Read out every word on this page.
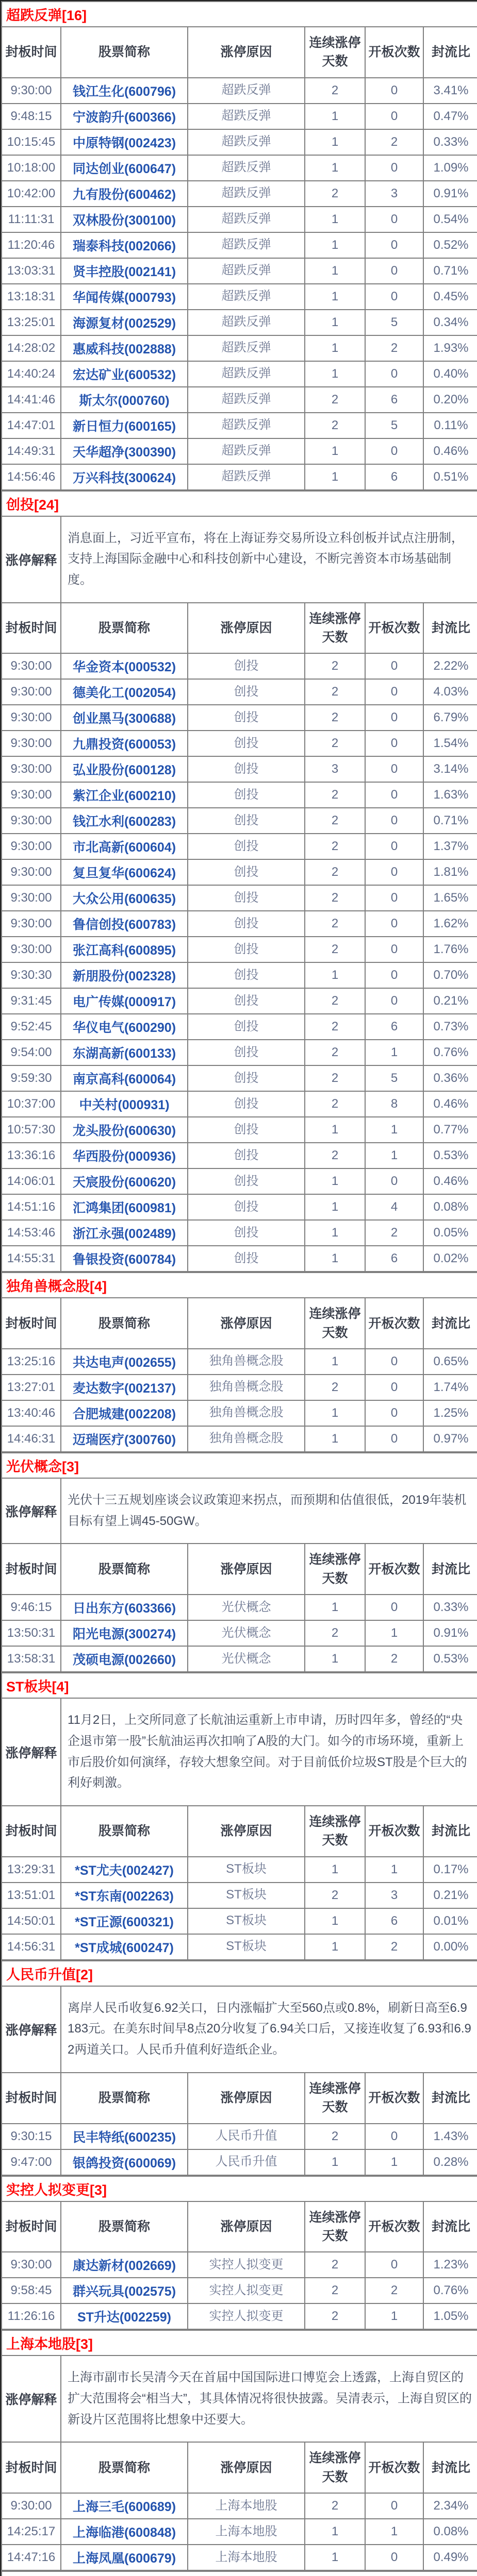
超跌反弹[16]					
封板时间	股票简称	涨停原因	连续涨停天数	开板次数	封流比
9:30:00	钱江生化(600796)	超跌反弹	2	0	3.41%
9:48:15	宁波韵升(600366)	超跌反弹	1	0	0.47%
10:15:45	中原特钢(002423)	超跌反弹	1	2	0.33%
10:18:00	同达创业(600647)	超跌反弹	1	0	1.09%
10:42:00	九有股份(600462)	超跌反弹	2	3	0.91%
11:11:31	双林股份(300100)	超跌反弹	1	0	0.54%
11:20:46	瑞泰科技(002066)	超跌反弹	1	0	0.52%
13:03:31	贤丰控股(002141)	超跌反弹	1	0	0.71%
13:18:31	华闻传媒(000793)	超跌反弹	1	0	0.45%
13:25:01	海源复材(002529)	超跌反弹	1	5	0.34%
14:28:02	惠威科技(002888)	超跌反弹	1	2	1.93%
14:40:24	宏达矿业(600532)	超跌反弹	1	0	0.40%
14:41:46	斯太尔(000760)	超跌反弹	2	6	0.20%
14:47:01	新日恒力(600165)	超跌反弹	2	5	0.11%
14:49:31	天华超净(300390)	超跌反弹	1	0	0.46%
14:56:46	万兴科技(300624)	超跌反弹	1	6	0.51%
创投[24]					
涨停解释	消息面上，习近平宣布，将在上海证券交易所设立科创板并试点注册制，支持上海国际金融中心和科技创新中心建设，不断完善资本市场基础制度。				
封板时间	股票简称	涨停原因	连续涨停天数	开板次数	封流比
9:30:00	华金资本(000532)	创投	2	0	2.22%
9:30:00	德美化工(002054)	创投	2	0	4.03%
9:30:00	创业黑马(300688)	创投	2	0	6.79%
9:30:00	九鼎投资(600053)	创投	2	0	1.54%
9:30:00	弘业股份(600128)	创投	3	0	3.14%
9:30:00	紫江企业(600210)	创投	2	0	1.63%
9:30:00	钱江水利(600283)	创投	2	0	0.71%
9:30:00	市北高新(600604)	创投	2	0	1.37%
9:30:00	复旦复华(600624)	创投	2	0	1.81%
9:30:00	大众公用(600635)	创投	2	0	1.65%
9:30:00	鲁信创投(600783)	创投	2	0	1.62%
9:30:00	张江高科(600895)	创投	2	0	1.76%
9:30:30	新朋股份(002328)	创投	1	0	0.70%
9:31:45	电广传媒(000917)	创投	2	0	0.21%
9:52:45	华仪电气(600290)	创投	2	6	0.73%
9:54:00	东湖高新(600133)	创投	2	1	0.76%
9:59:30	南京高科(600064)	创投	2	5	0.36%
10:37:00	中关村(000931)	创投	2	8	0.46%
10:57:30	龙头股份(600630)	创投	1	1	0.77%
13:36:16	华西股份(000936)	创投	2	1	0.53%
14:06:01	天宸股份(600620)	创投	1	0	0.46%
14:51:16	汇鸿集团(600981)	创投	1	4	0.08%
14:53:46	浙江永强(002489)	创投	1	2	0.05%
14:55:31	鲁银投资(600784)	创投	1	6	0.02%
独角兽概念股[4]					
封板时间	股票简称	涨停原因	连续涨停天数	开板次数	封流比
13:25:16	共达电声(002655)	独角兽概念股	1	0	0.65%
13:27:01	麦达数字(002137)	独角兽概念股	2	0	1.74%
13:40:46	合肥城建(002208)	独角兽概念股	1	0	1.25%
14:46:31	迈瑞医疗(300760)	独角兽概念股	1	0	0.97%
光伏概念[3]					
涨停解释	光伏十三五规划座谈会议政策迎来拐点，而预期和估值很低，2019年装机目标有望上调45-50GW。				
封板时间	股票简称	涨停原因	连续涨停天数	开板次数	封流比
9:46:15	日出东方(603366)	光伏概念	1	0	0.33%
13:50:31	阳光电源(300274)	光伏概念	2	1	0.91%
13:58:31	茂硕电源(002660)	光伏概念	1	2	0.53%
ST板块[4]					
涨停解释	11月2日，上交所同意了长航油运重新上市申请，历时四年多，曾经的“央企退市第一股”长航油运再次扣响了A股的大门。如今的市场环境，重新上市后股价如何演绎，存较大想象空间。对于目前低价垃圾ST股是个巨大的利好刺激。				
封板时间	股票简称	涨停原因	连续涨停天数	开板次数	封流比
13:29:31	*ST尤夫(002427)	ST板块	1	1	0.17%
13:51:01	*ST东南(002263)	ST板块	2	3	0.21%
14:50:01	*ST正源(600321)	ST板块	1	6	0.01%
14:56:31	*ST成城(600247)	ST板块	1	2	0.00%
人民币升值[2]					
涨停解释	离岸人民币收复6.92关口，日内涨幅扩大至560点或0.8%，刷新日高至6.9183元。在美东时间早8点20分收复了6.94关口后，又接连收复了6.93和6.92两道关口。人民币升值利好造纸企业。				
封板时间	股票简称	涨停原因	连续涨停天数	开板次数	封流比
9:30:15	民丰特纸(600235)	人民币升值	2	0	1.43%
9:47:00	银鸽投资(600069)	人民币升值	1	1	0.28%
实控人拟变更[3]					
封板时间	股票简称	涨停原因	连续涨停天数	开板次数	封流比
9:30:00	康达新材(002669)	实控人拟变更	2	0	1.23%
9:58:45	群兴玩具(002575)	实控人拟变更	2	2	0.76%
11:26:16	ST升达(002259)	实控人拟变更	2	1	1.05%
上海本地股[3]					
涨停解释	上海市副市长吴清今天在首届中国国际进口博览会上透露，上海自贸区的扩大范围将会“相当大”，其具体情况将很快披露。吴清表示，上海自贸区的新设片区范围将比想象中还要大。				
封板时间	股票简称	涨停原因	连续涨停天数	开板次数	封流比
9:30:00	上海三毛(600689)	上海本地股	2	0	2.34%
14:25:17	上海临港(600848)	上海本地股	1	1	0.08%
14:47:16	上海凤凰(600679)	上海本地股	1	0	0.49%
